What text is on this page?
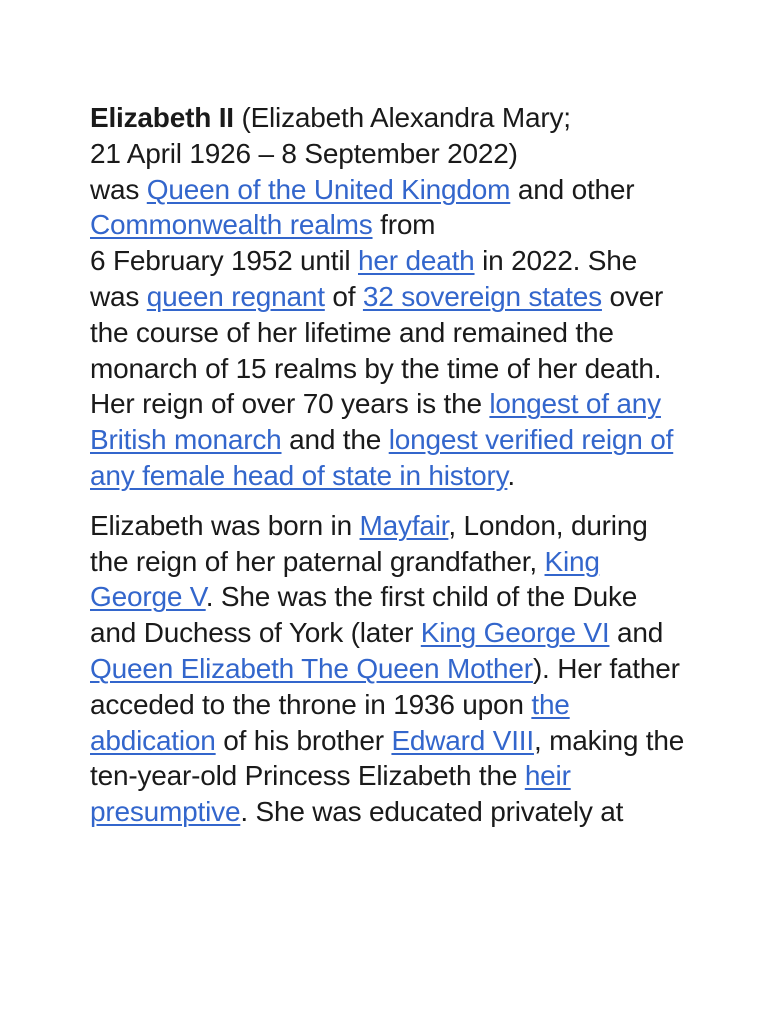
Elizabeth II (Elizabeth Alexandra Mary;
21 April 1926 – 8 September 2022)
was Queen of the United Kingdom and other Commonwealth realms from
6 February 1952 until her death in 2022. She was queen regnant of 32 sovereign states over the course of her lifetime and remained the monarch of 15 realms by the time of her death. Her reign of over 70 years is the longest of any British monarch and the longest verified reign of any female head of state in history.

Elizabeth was born in Mayfair, London, during the reign of her paternal grandfather, King George V. She was the first child of the Duke and Duchess of York (later King George VI and Queen Elizabeth The Queen Mother). Her father acceded to the throne in 1936 upon the abdication of his brother Edward VIII, making the ten-year-old Princess Elizabeth the heir presumptive. She was educated privately at
